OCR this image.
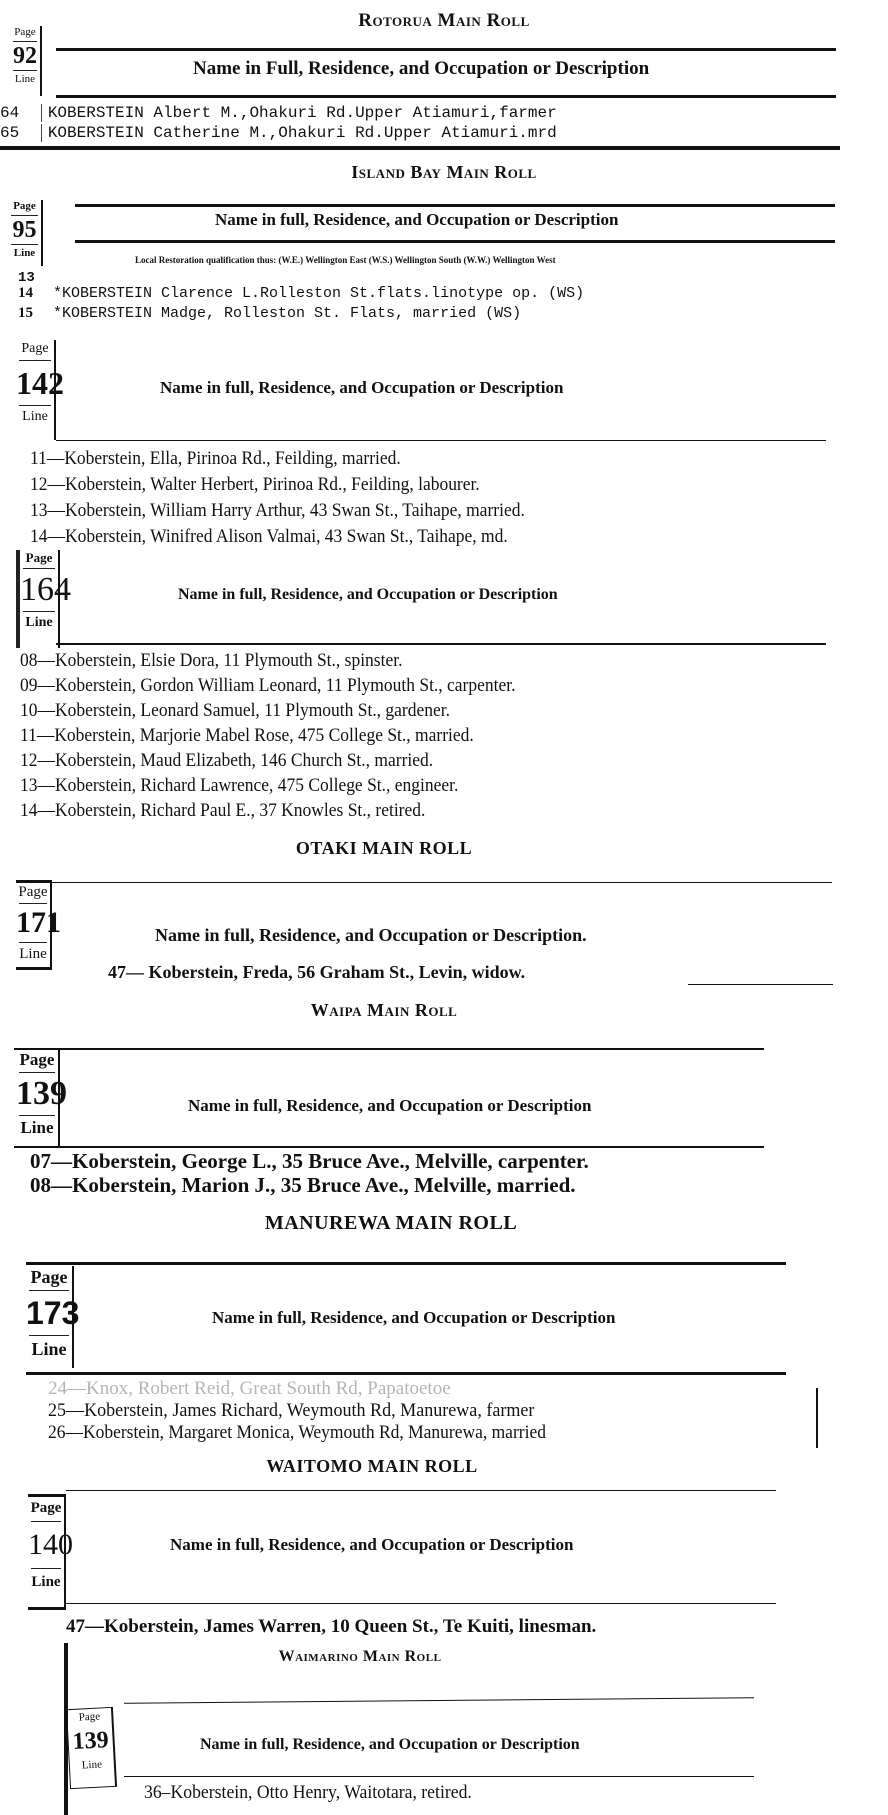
Rotorua Main Roll
Page
92
Line	Name in Full, Residence, and Occupation or Description
64 KOBERSTEIN Albert M.,Ohakuri Rd.Upper Atiamuri,farmer
65 KOBERSTEIN Catherine M.,Ohakuri Rd.Upper Atiamuri.mrd
Island Bay Main Roll
Page
95
Line
Name in full, Residence, and Occupation or Description
Local Restoration qualification thus: (W.E.) Wellington East (W.S.) Wellington South (W.W.) Wellington West
13
14 *KOBERSTEIN Clarence L.Rolleston St.flats.linotype op. (WS)
15 *KOBERSTEIN Madge, Rolleston St. Flats, married (WS)
Page
142
Line
Name in full, Residence, and Occupation or Description
11—Koberstein, Ella, Pirinoa Rd., Feilding, married.
12—Koberstein, Walter Herbert, Pirinoa Rd., Feilding, labourer.
13—Koberstein, William Harry Arthur, 43 Swan St., Taihape, married.
14—Koberstein, Winifred Alison Valmai, 43 Swan St., Taihape, md.
Page
164
Line
Name in full, Residence, and Occupation or Description
08—Koberstein, Elsie Dora, 11 Plymouth St., spinster.
09—Koberstein, Gordon William Leonard, 11 Plymouth St., carpenter.
10—Koberstein, Leonard Samuel, 11 Plymouth St., gardener.
11—Koberstein, Marjorie Mabel Rose, 475 College St., married.
12—Koberstein, Maud Elizabeth, 146 Church St., married.
13—Koberstein, Richard Lawrence, 475 College St., engineer.
14—Koberstein, Richard Paul E., 37 Knowles St., retired.
OTAKI MAIN ROLL
Page
171
Line
Name in full, Residence, and Occupation or Description.
47— Koberstein, Freda, 56 Graham St., Levin, widow.
Waipa Main Roll
Page
139
Line
Name in full, Residence, and Occupation or Description
07—Koberstein, George L., 35 Bruce Ave., Melville, carpenter.
08—Koberstein, Marion J., 35 Bruce Ave., Melville, married.
MANUREWA MAIN ROLL
Page
173
Line
Name in full, Residence, and Occupation or Description
24—Knox, Robert Reid, Great South Rd, Papatoetoe
25—Koberstein, James Richard, Weymouth Rd, Manurewa, farmer
26—Koberstein, Margaret Monica, Weymouth Rd, Manurewa, married
WAITOMO MAIN ROLL
Page
140
Line
Name in full, Residence, and Occupation or Description
47—Koberstein, James Warren, 10 Queen St., Te Kuiti, linesman.
Waimarino Main Roll
Page
139
Line
Name in full, Residence, and Occupation or Description
36–Koberstein, Otto Henry, Waitotara, retired.
